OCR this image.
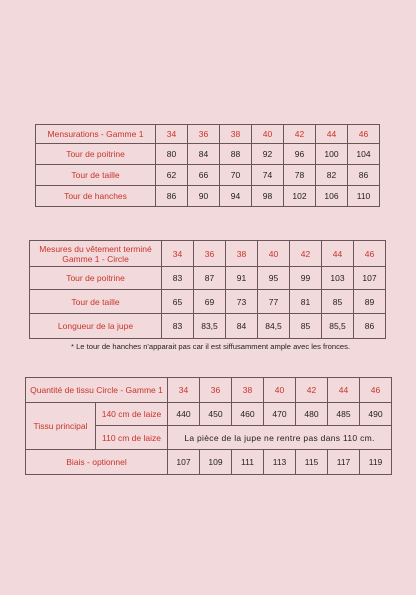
Mensurations - Gamme 1	34	36	38	40	42	44	46
Tour de poitrine	80	84	88	92	96	100	104
Tour de taille	62	66	70	74	78	82	86
Tour de hanches	86	90	94	98	102	106	110
Mesures du vêtement terminé Gamme 1 - Circle	34	36	38	40	42	44	46
Tour de poitrine	83	87	91	95	99	103	107
Tour de taille	65	69	73	77	81	85	89
Longueur de la jupe	83	83,5	84	84,5	85	85,5	86
* Le tour de hanches n'apparait pas car il est siffusamment ample avec les fronces.
Quantité de tissu Circle - Gamme 1		34	36	38	40	42	44	46
Tissu principal	140 cm de laize	440	450	460	470	480	485	490
	110 cm de laize	La pièce de la jupe ne rentre pas dans 110 cm.						
Biais - optionnel		107	109	111	113	115	117	119
